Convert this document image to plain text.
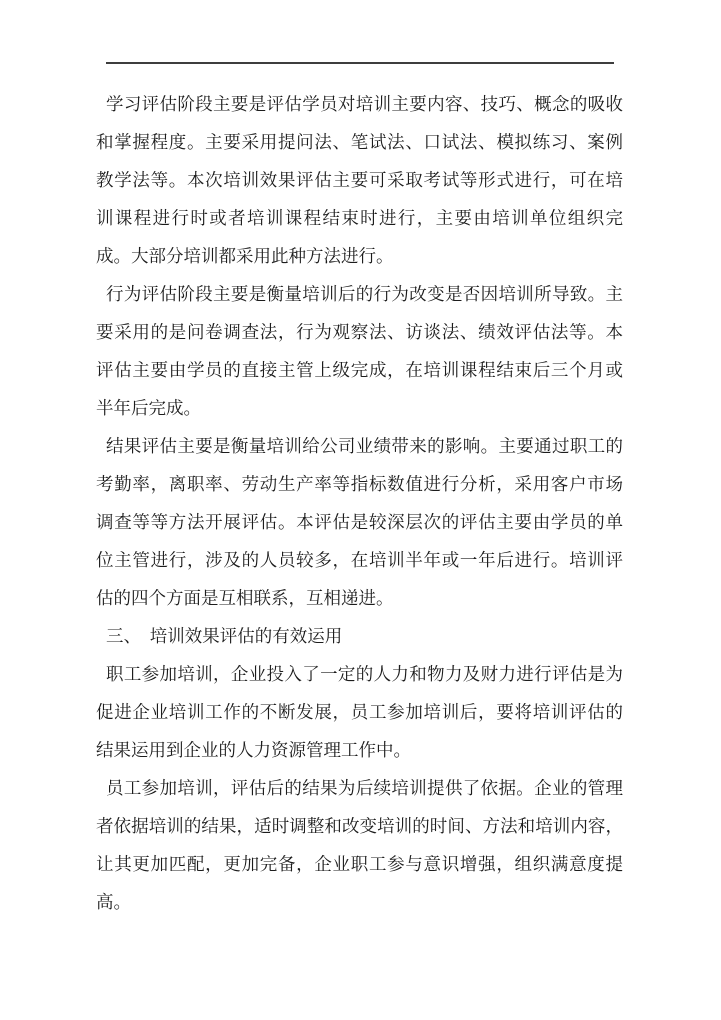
学习评估阶段主要是评估学员对培训主要内容、技巧、概念的吸收
和掌握程度。主要采用提问法、笔试法、口试法、模拟练习、案例
教学法等。本次培训效果评估主要可采取考试等形式进行，可在培
训课程进行时或者培训课程结束时进行，主要由培训单位组织完
成。大部分培训都采用此种方法进行。
行为评估阶段主要是衡量培训后的行为改变是否因培训所导致。主
要采用的是问卷调查法，行为观察法、访谈法、绩效评估法等。本
评估主要由学员的直接主管上级完成，在培训课程结束后三个月或
半年后完成。
结果评估主要是衡量培训给公司业绩带来的影响。主要通过职工的
考勤率，离职率、劳动生产率等指标数值进行分析，采用客户市场
调查等等方法开展评估。本评估是较深层次的评估主要由学员的单
位主管进行，涉及的人员较多，在培训半年或一年后进行。培训评
估的四个方面是互相联系，互相递进。
三、　培训效果评估的有效运用
职工参加培训，企业投入了一定的人力和物力及财力进行评估是为
促进企业培训工作的不断发展，员工参加培训后，要将培训评估的
结果运用到企业的人力资源管理工作中。
员工参加培训，评估后的结果为后续培训提供了依据。企业的管理
者依据培训的结果，适时调整和改变培训的时间、方法和培训内容，
让其更加匹配，更加完备，企业职工参与意识增强，组织满意度提
高。
